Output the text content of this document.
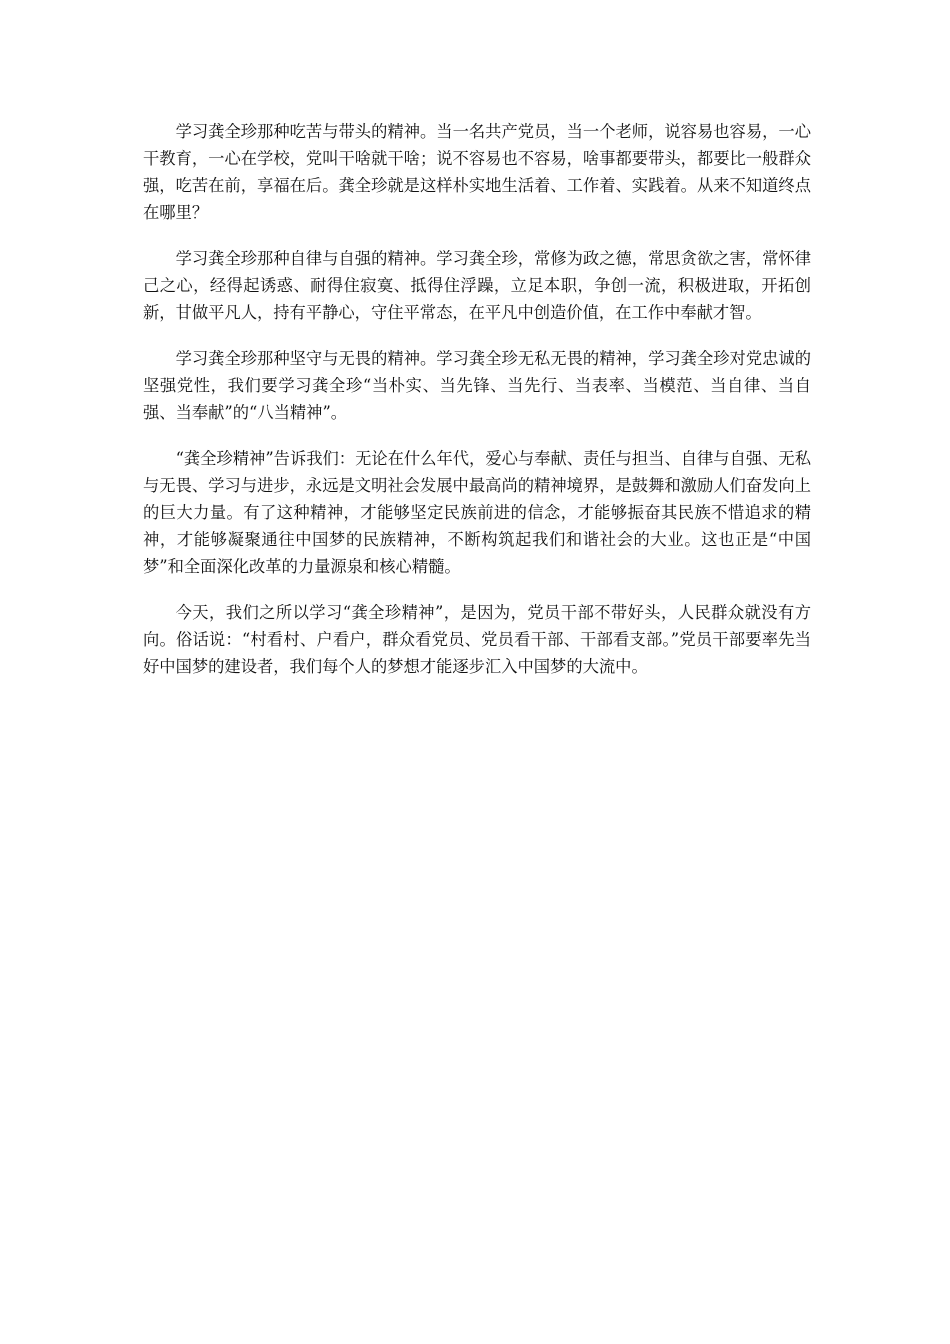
学习龚全珍那种吃苦与带头的精神。当一名共产党员，当一个老师，说容易也容易，一心干教育，一心在学校，党叫干啥就干啥；说不容易也不容易，啥事都要带头，都要比一般群众强，吃苦在前，享福在后。龚全珍就是这样朴实地生活着、工作着、实践着。从来不知道终点在哪里？

学习龚全珍那种自律与自强的精神。学习龚全珍，常修为政之德，常思贪欲之害，常怀律己之心，经得起诱惑、耐得住寂寞、抵得住浮躁，立足本职，争创一流，积极进取，开拓创新，甘做平凡人，持有平静心，守住平常态，在平凡中创造价值，在工作中奉献才智。

学习龚全珍那种坚守与无畏的精神。学习龚全珍无私无畏的精神，学习龚全珍对党忠诚的坚强党性，我们要学习龚全珍“当朴实、当先锋、当先行、当表率、当模范、当自律、当自强、当奉献”的“八当精神”。

“龚全珍精神”告诉我们：无论在什么年代，爱心与奉献、责任与担当、自律与自强、无私与无畏、学习与进步，永远是文明社会发展中最高尚的精神境界，是鼓舞和激励人们奋发向上的巨大力量。有了这种精神，才能够坚定民族前进的信念，才能够振奋其民族不惜追求的精神，才能够凝聚通往中国梦的民族精神，不断构筑起我们和谐社会的大业。这也正是“中国梦”和全面深化改革的力量源泉和核心精髓。

今天，我们之所以学习“龚全珍精神”，是因为，党员干部不带好头，人民群众就没有方向。俗话说：“村看村、户看户，群众看党员、党员看干部、干部看支部。”党员干部要率先当好中国梦的建设者，我们每个人的梦想才能逐步汇入中国梦的大流中。
